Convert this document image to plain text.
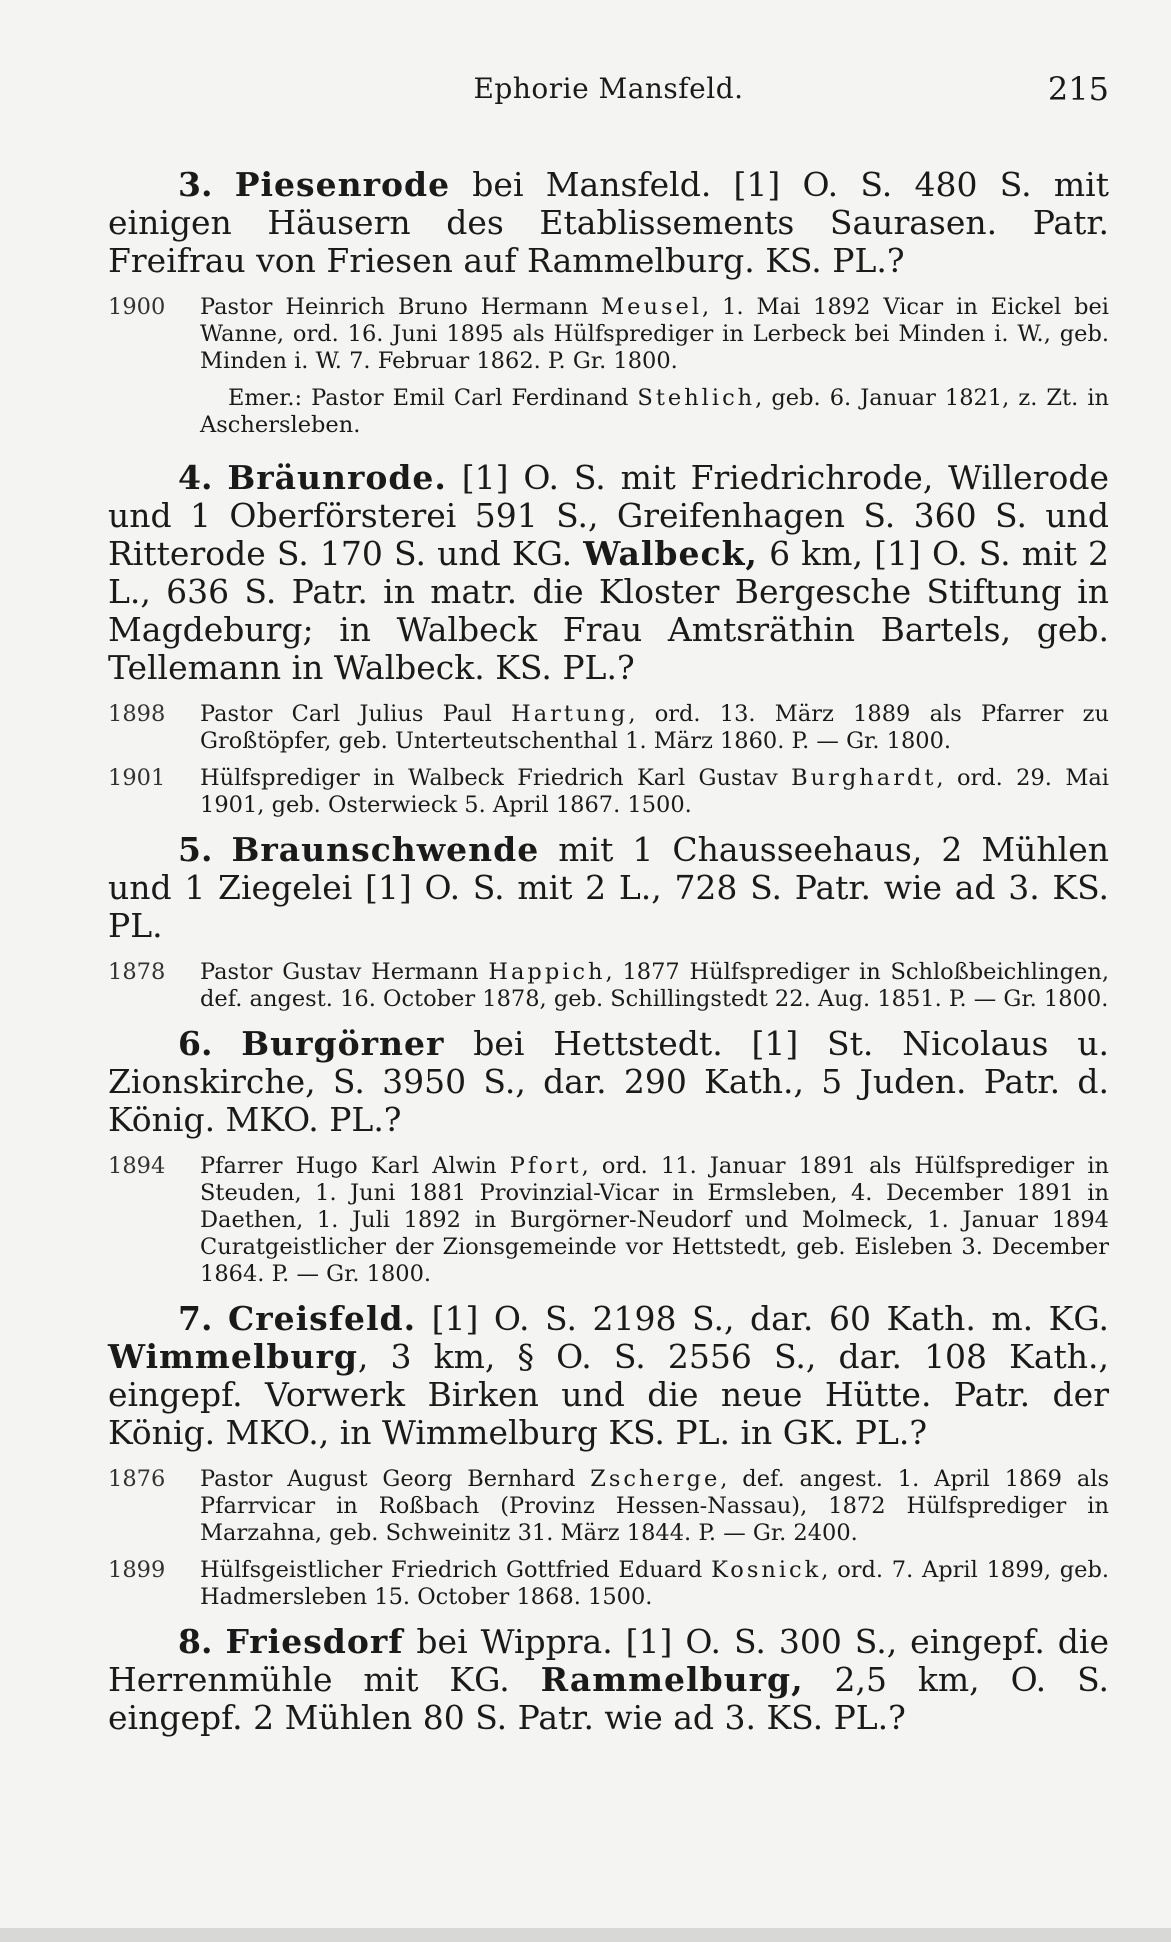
Ephorie Mansfeld.	215

3. Piesenrode bei Mansfeld. [1] O. S. 480 S. mit einigen Häusern des Etablissements Saurasen. Patr. Freifrau von Friesen auf Rammelburg. KS. PL.?

1900	Pastor Heinrich Bruno Hermann Meusel, 1. Mai 1892 Vicar in Eickel bei Wanne, ord. 16. Juni 1895 als Hülfsprediger in Lerbeck bei Minden i. W., geb. Minden i. W. 7. Februar 1862. P. Gr. 1800.

Emer.: Pastor Emil Carl Ferdinand Stehlich, geb. 6. Januar 1821, z. Zt. in Aschersleben.

4. Bräunrode. [1] O. S. mit Friedrichrode, Willerode und 1 Oberförsterei 591 S., Greifenhagen S. 360 S. und Ritterode S. 170 S. und KG. Walbeck, 6 km, [1] O. S. mit 2 L., 636 S. Patr. in matr. die Kloster Bergesche Stiftung in Magdeburg; in Walbeck Frau Amtsräthin Bartels, geb. Tellemann in Walbeck. KS. PL.?

1898	Pastor Carl Julius Paul Hartung, ord. 13. März 1889 als Pfarrer zu Großtöpfer, geb. Unterteutschenthal 1. März 1860. P. — Gr. 1800.
1901	Hülfsprediger in Walbeck Friedrich Karl Gustav Burghardt, ord. 29. Mai 1901, geb. Osterwieck 5. April 1867. 1500.

5. Braunschwende mit 1 Chausseehaus, 2 Mühlen und 1 Ziegelei [1] O. S. mit 2 L., 728 S. Patr. wie ad 3. KS. PL.

1878	Pastor Gustav Hermann Happich, 1877 Hülfsprediger in Schloßbeichlingen, def. angest. 16. October 1878, geb. Schillingstedt 22. Aug. 1851. P. — Gr. 1800.

6. Burgörner bei Hettstedt. [1] St. Nicolaus u. Zionskirche, S. 3950 S., dar. 290 Kath., 5 Juden. Patr. d. König. MKO. PL.?

1894	Pfarrer Hugo Karl Alwin Pfort, ord. 11. Januar 1891 als Hülfsprediger in Steuden, 1. Juni 1881 Provinzial-Vicar in Ermsleben, 4. December 1891 in Daethen, 1. Juli 1892 in Burgörner-Neudorf und Molmeck, 1. Januar 1894 Curatgeistlicher der Zionsgemeinde vor Hettstedt, geb. Eisleben 3. December 1864. P. — Gr. 1800.

7. Creisfeld. [1] O. S. 2198 S., dar. 60 Kath. m. KG. Wimmelburg, 3 km, § O. S. 2556 S., dar. 108 Kath., eingepf. Vorwerk Birken und die neue Hütte. Patr. der König. MKO., in Wimmelburg KS. PL. in GK. PL.?

1876	Pastor August Georg Bernhard Zscherge, def. angest. 1. April 1869 als Pfarrvicar in Roßbach (Provinz Hessen-Nassau), 1872 Hülfsprediger in Marzahna, geb. Schweinitz 31. März 1844. P. — Gr. 2400.
1899	Hülfsgeistlicher Friedrich Gottfried Eduard Kosnick, ord. 7. April 1899, geb. Hadmersleben 15. October 1868. 1500.

8. Friesdorf bei Wippra. [1] O. S. 300 S., eingepf. die Herrenmühle mit KG. Rammelburg, 2,5 km, O. S. eingepf. 2 Mühlen 80 S. Patr. wie ad 3. KS. PL.?
